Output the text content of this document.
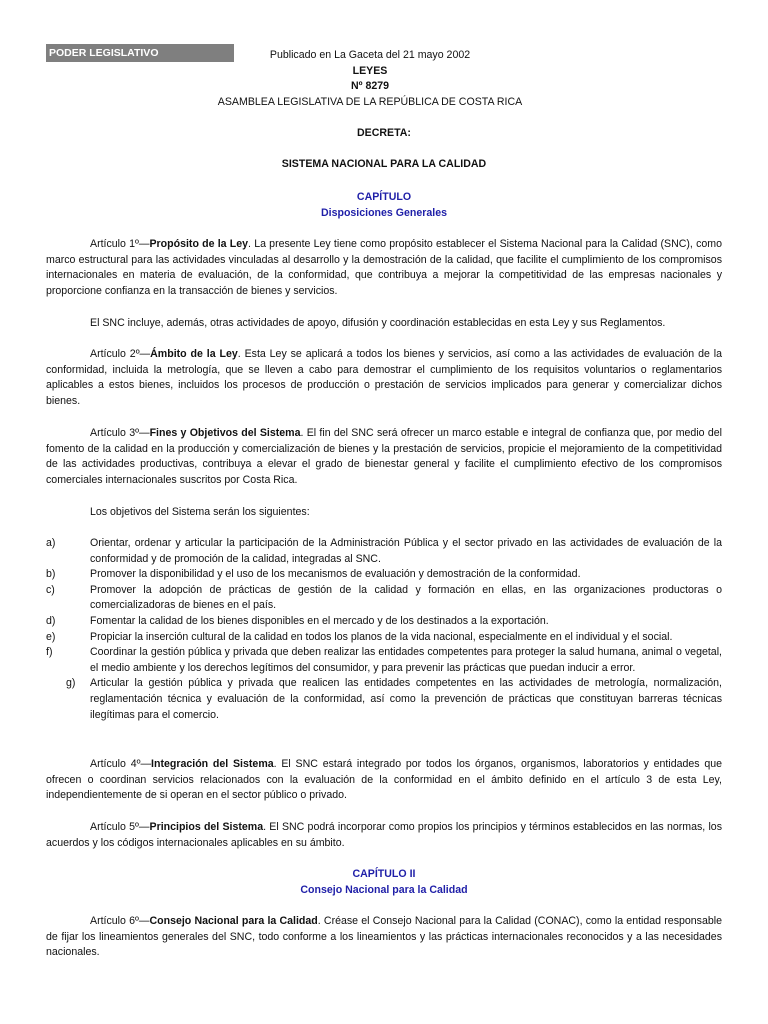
PODER LEGISLATIVO	Publicado en La Gaceta del 21 mayo 2002
LEYES
Nº 8279
ASAMBLEA LEGISLATIVA DE LA REPÚBLICA DE COSTA RICA
DECRETA:
SISTEMA NACIONAL PARA LA CALIDAD
CAPÍTULO
Disposiciones Generales

Artículo 1º—Propósito de la Ley. La presente Ley tiene como propósito establecer el Sistema Nacional para la Calidad (SNC), como marco estructural para las actividades vinculadas al desarrollo y la demostración de la calidad, que facilite el cumplimiento de los compromisos internacionales en materia de evaluación, de la conformidad, que contribuya a mejorar la competitividad de las empresas nacionales y proporcione confianza en la transacción de bienes y servicios.

El SNC incluye, además, otras actividades de apoyo, difusión y coordinación establecidas en esta Ley y sus Reglamentos.

Artículo 2º—Ámbito de la Ley. Esta Ley se aplicará a todos los bienes y servicios, así como a las actividades de evaluación de la conformidad, incluida la metrología, que se lleven a cabo para demostrar el cumplimiento de los requisitos voluntarios o reglamentarios aplicables a estos bienes, incluidos los procesos de producción o prestación de servicios implicados para generar y comercializar dichos bienes.

Artículo 3º—Fines y Objetivos del Sistema. El fin del SNC será ofrecer un marco estable e integral de confianza que, por medio del fomento de la calidad en la producción y comercialización de bienes y la prestación de servicios, propicie el mejoramiento de la competitividad de las actividades productivas, contribuya a elevar el grado de bienestar general y facilite el cumplimiento efectivo de los compromisos comerciales internacionales suscritos por Costa Rica.

Los objetivos del Sistema serán los siguientes:

a)	Orientar, ordenar y articular la participación de la Administración Pública y el sector privado en las actividades de evaluación de la conformidad y de promoción de la calidad, integradas al SNC.
b)	Promover la disponibilidad y el uso de los mecanismos de evaluación y demostración de la conformidad.
c)	Promover la adopción de prácticas de gestión de la calidad y formación en ellas, en las organizaciones productoras o comercializadoras de bienes en el país.
d)	Fomentar la calidad de los bienes disponibles en el mercado y de los destinados a la exportación.
e)	Propiciar la inserción cultural de la calidad en todos los planos de la vida nacional, especialmente en el individual y el social.
f)	Coordinar la gestión pública y privada que deben realizar las entidades competentes para proteger la salud humana, animal o vegetal, el medio ambiente y los derechos legítimos del consumidor, y para prevenir las prácticas que puedan inducir a error.
g)	Articular la gestión pública y privada que realicen las entidades competentes en las actividades de metrología, normalización, reglamentación técnica y evaluación de la conformidad, así como la prevención de prácticas que constituyan barreras técnicas ilegítimas para el comercio.

Artículo 4º—Integración del Sistema. El SNC estará integrado por todos los órganos, organismos, laboratorios y entidades que ofrecen o coordinan servicios relacionados con la evaluación de la conformidad en el ámbito definido en el artículo 3 de esta Ley, independientemente de si operan en el sector público o privado.

Artículo 5º—Principios del Sistema. El SNC podrá incorporar como propios los principios y términos establecidos en las normas, los acuerdos y los códigos internacionales aplicables en su ámbito.

CAPÍTULO II
Consejo Nacional para la Calidad

Artículo 6º—Consejo Nacional para la Calidad. Créase el Consejo Nacional para la Calidad (CONAC), como la entidad responsable de fijar los lineamientos generales del SNC, todo conforme a los lineamientos y las prácticas internacionales reconocidos y a las necesidades nacionales.
